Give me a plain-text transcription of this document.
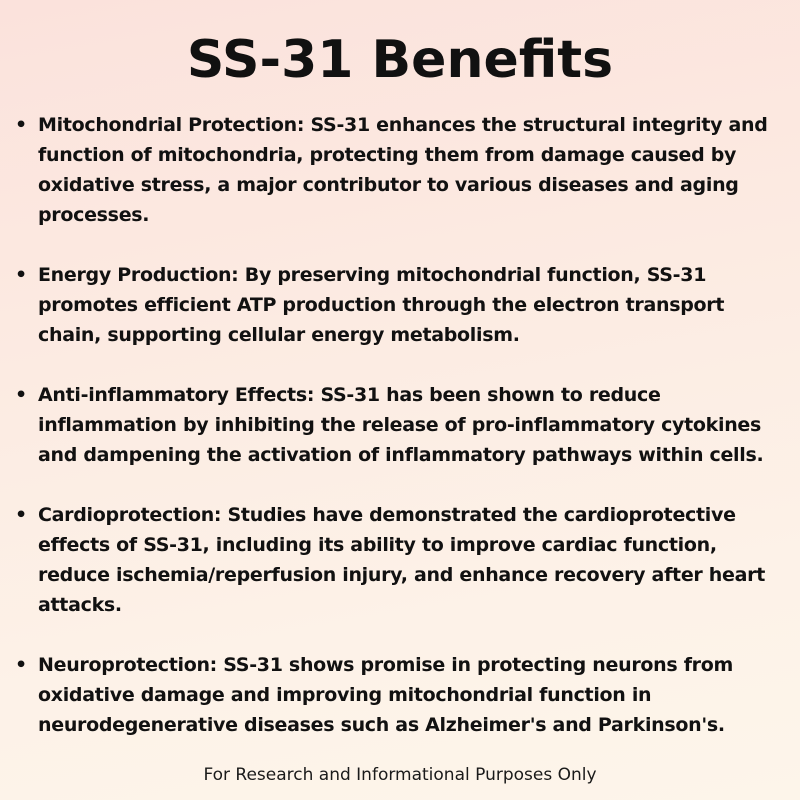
SS-31 Benefits
• Mitochondrial Protection: SS-31 enhances the structural integrity and function of mitochondria, protecting them from damage caused by oxidative stress, a major contributor to various diseases and aging processes.
• Energy Production: By preserving mitochondrial function, SS-31 promotes efficient ATP production through the electron transport chain, supporting cellular energy metabolism.
• Anti-inflammatory Effects: SS-31 has been shown to reduce inflammation by inhibiting the release of pro-inflammatory cytokines and dampening the activation of inflammatory pathways within cells.
• Cardioprotection: Studies have demonstrated the cardioprotective effects of SS-31, including its ability to improve cardiac function, reduce ischemia/reperfusion injury, and enhance recovery after heart attacks.
• Neuroprotection: SS-31 shows promise in protecting neurons from oxidative damage and improving mitochondrial function in neurodegenerative diseases such as Alzheimer's and Parkinson's.
For Research and Informational Purposes Only
